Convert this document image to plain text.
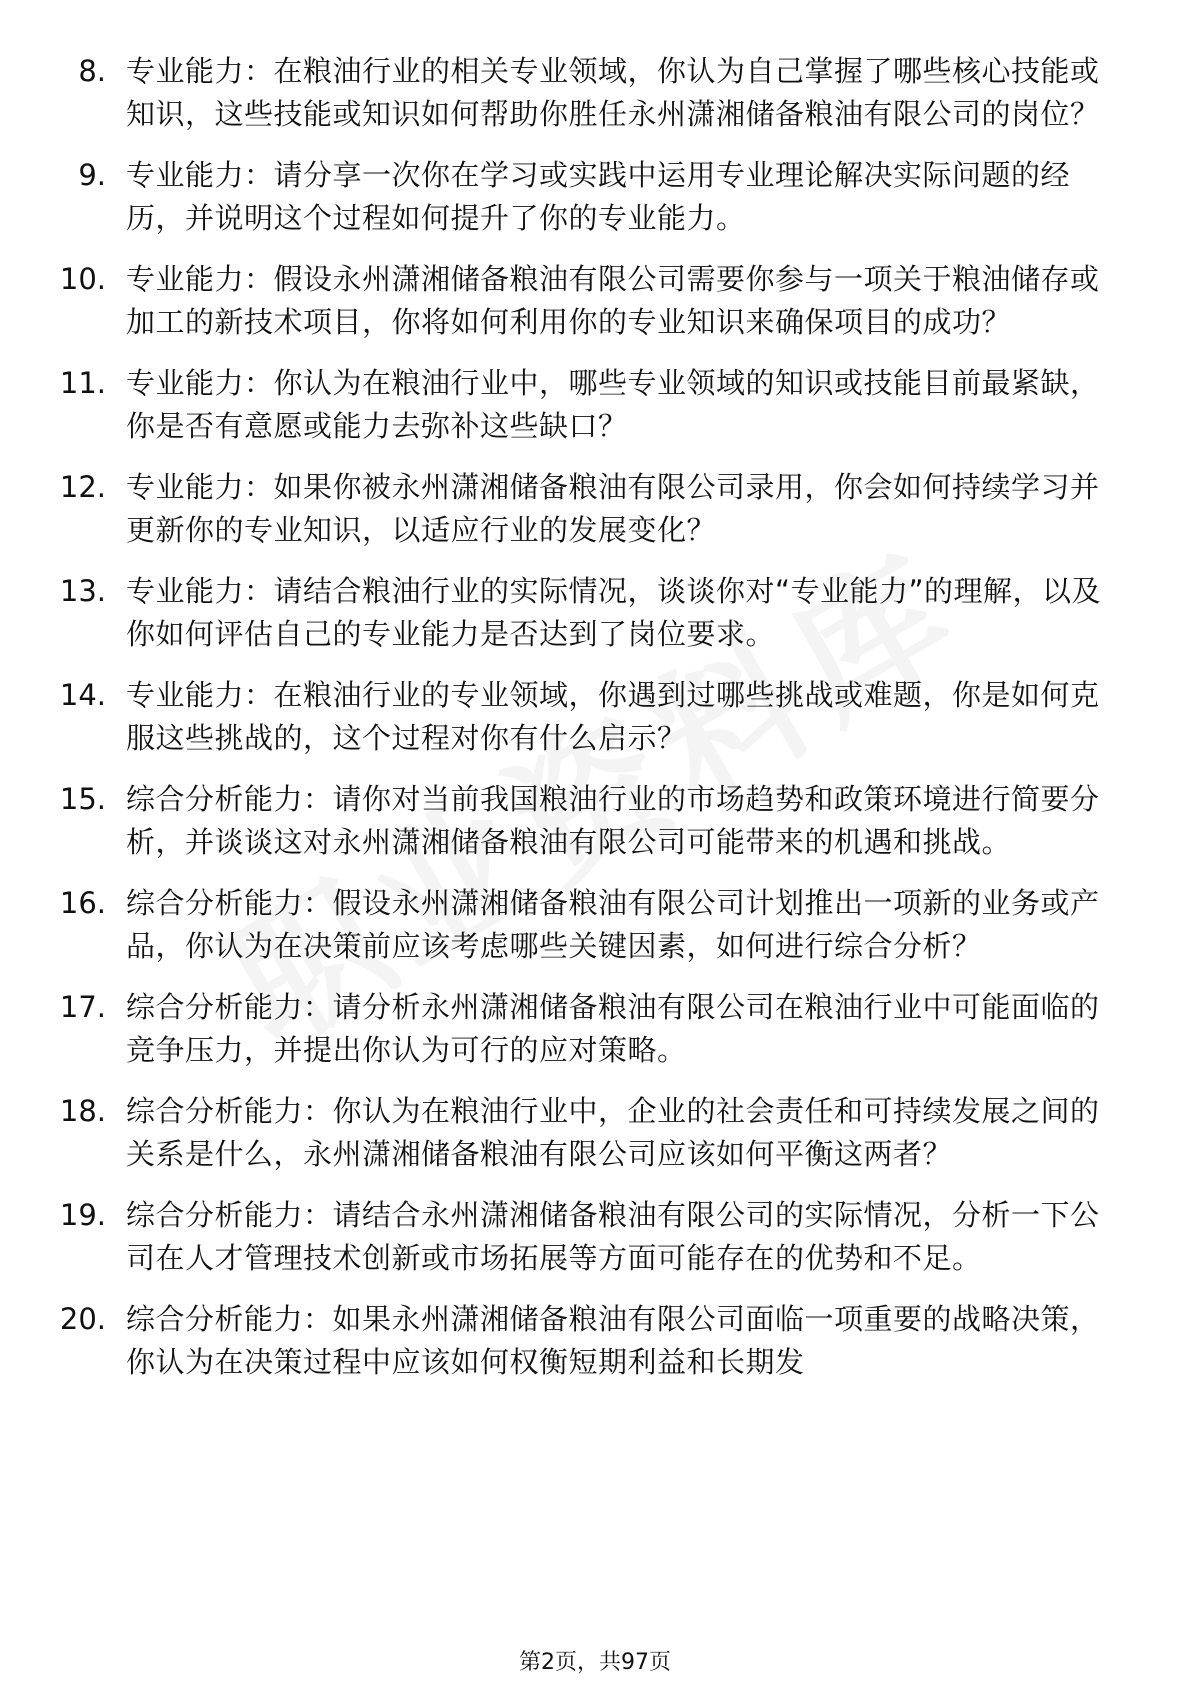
8. 专业能力：在粮油行业的相关专业领域，你认为自己掌握了哪些核心技能或知识，这些技能或知识如何帮助你胜任永州潇湘储备粮油有限公司的岗位？
9. 专业能力：请分享一次你在学习或实践中运用专业理论解决实际问题的经历，并说明这个过程如何提升了你的专业能力。
10. 专业能力：假设永州潇湘储备粮油有限公司需要你参与一项关于粮油储存或加工的新技术项目，你将如何利用你的专业知识来确保项目的成功？
11. 专业能力：你认为在粮油行业中，哪些专业领域的知识或技能目前最紧缺，你是否有意愿或能力去弥补这些缺口？
12. 专业能力：如果你被永州潇湘储备粮油有限公司录用，你会如何持续学习并更新你的专业知识，以适应行业的发展变化？
13. 专业能力：请结合粮油行业的实际情况，谈谈你对“专业能力”的理解，以及你如何评估自己的专业能力是否达到了岗位要求。
14. 专业能力：在粮油行业的专业领域，你遇到过哪些挑战或难题，你是如何克服这些挑战的，这个过程对你有什么启示？
15. 综合分析能力：请你对当前我国粮油行业的市场趋势和政策环境进行简要分析，并谈谈这对永州潇湘储备粮油有限公司可能带来的机遇和挑战。
16. 综合分析能力：假设永州潇湘储备粮油有限公司计划推出一项新的业务或产品，你认为在决策前应该考虑哪些关键因素，如何进行综合分析？
17. 综合分析能力：请分析永州潇湘储备粮油有限公司在粮油行业中可能面临的竞争压力，并提出你认为可行的应对策略。
18. 综合分析能力：你认为在粮油行业中，企业的社会责任和可持续发展之间的关系是什么，永州潇湘储备粮油有限公司应该如何平衡这两者？
19. 综合分析能力：请结合永州潇湘储备粮油有限公司的实际情况，分析一下公司在人才管理技术创新或市场拓展等方面可能存在的优势和不足。
20. 综合分析能力：如果永州潇湘储备粮油有限公司面临一项重要的战略决策，你认为在决策过程中应该如何权衡短期利益和长期发
第2页，共97页
